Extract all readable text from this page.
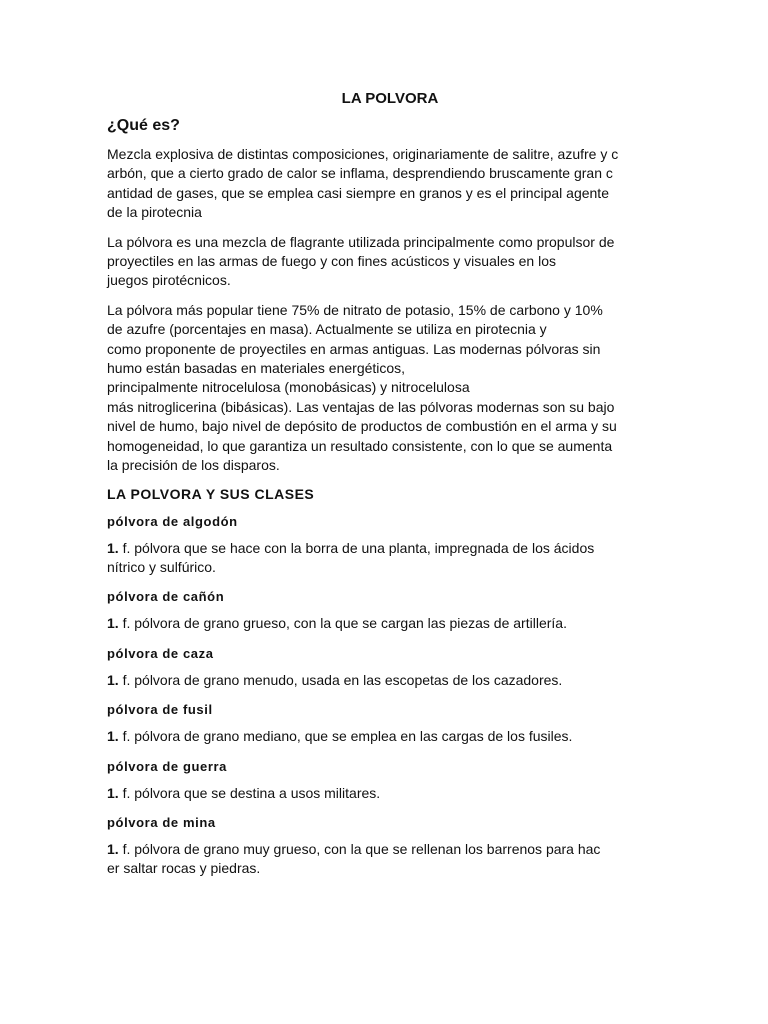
LA POLVORA
¿Qué es?

Mezcla explosiva de distintas composiciones, originariamente de salitre, azufre y c
arbón, que a cierto grado de calor se inflama, desprendiendo bruscamente gran c
antidad de gases, que se emplea casi siempre en granos y es el principal agente
de la pirotecnia

La pólvora es una mezcla de flagrante utilizada principalmente como propulsor de
proyectiles en las armas de fuego y con fines acústicos y visuales en los
juegos pirotécnicos.

La pólvora más popular tiene 75% de nitrato de potasio, 15% de carbono y 10%
de azufre (porcentajes en masa). Actualmente se utiliza en pirotecnia y
como proponente de proyectiles en armas antiguas. Las modernas pólvoras sin
humo están basadas en materiales energéticos,
principalmente nitrocelulosa (monobásicas) y nitrocelulosa
más nitroglicerina (bibásicas). Las ventajas de las pólvoras modernas son su bajo
nivel de humo, bajo nivel de depósito de productos de combustión en el arma y su
homogeneidad, lo que garantiza un resultado consistente, con lo que se aumenta
la precisión de los disparos.

LA POLVORA Y SUS CLASES
pólvora de algodón

1. f. pólvora que se hace con la borra de una planta, impregnada de los ácidos
nítrico y sulfúrico.

pólvora de cañón

1. f. pólvora de grano grueso, con la que se cargan las piezas de artillería.

pólvora de caza

1. f. pólvora de grano menudo, usada en las escopetas de los cazadores.

pólvora de fusil

1. f. pólvora de grano mediano, que se emplea en las cargas de los fusiles.

pólvora de guerra

1. f. pólvora que se destina a usos militares.

pólvora de mina

1. f. pólvora de grano muy grueso, con la que se rellenan los barrenos para hac
er saltar rocas y piedras.
